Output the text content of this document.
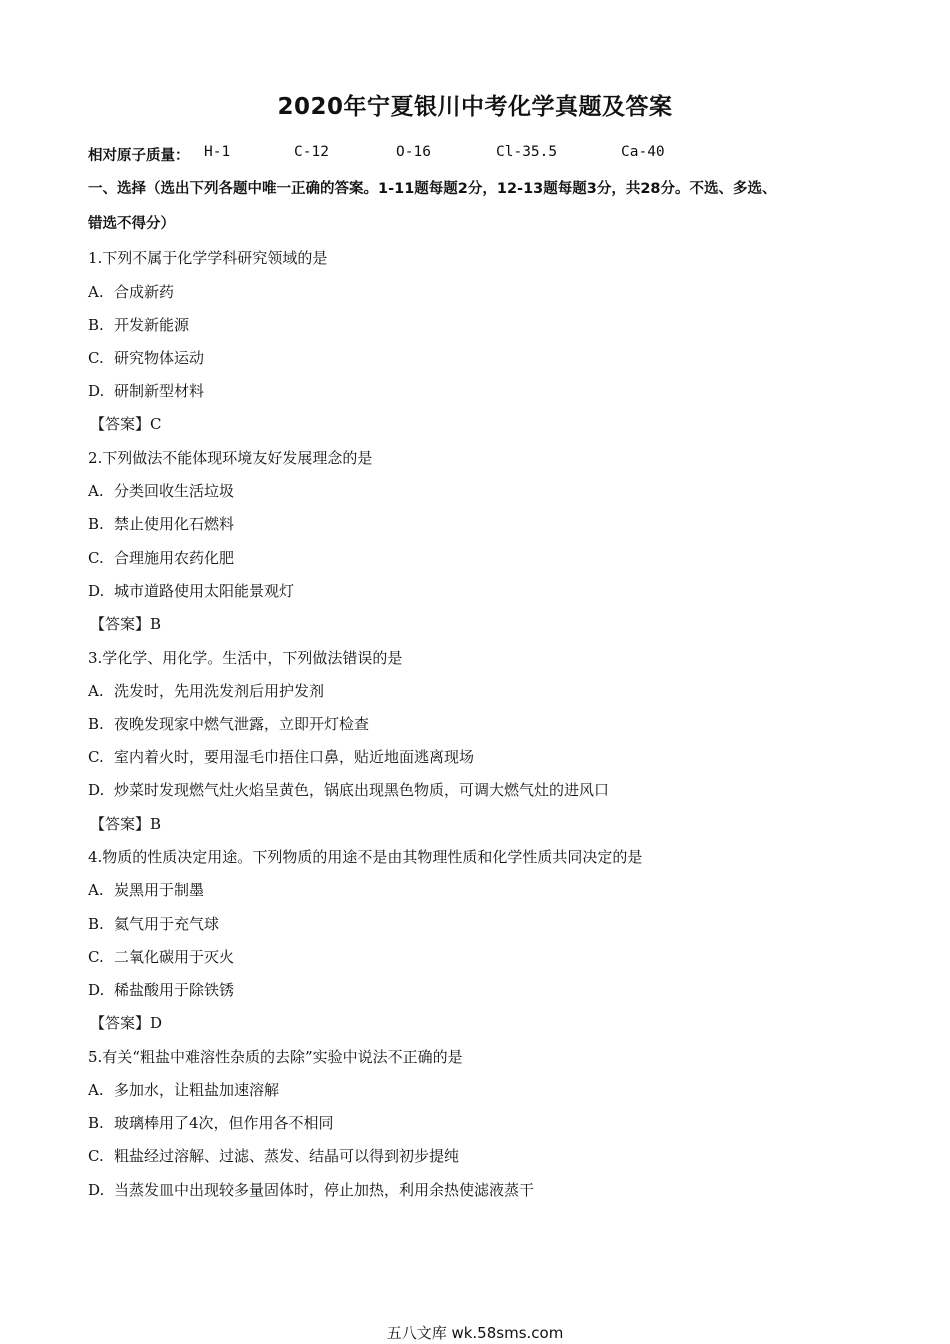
2020年宁夏银川中考化学真题及答案
相对原子质量： H-1	C-12	O-16	Cl-35.5	Ca-40
一、选择（选出下列各题中唯一正确的答案。1-11题每题2分，12-13题每题3分，共28分。不选、多选、
错选不得分）
1.下列不属于化学学科研究领域的是
A. 合成新药
B. 开发新能源
C. 研究物体运动
D. 研制新型材料
【答案】C
2.下列做法不能体现环境友好发展理念的是
A. 分类回收生活垃圾
B. 禁止使用化石燃料
C. 合理施用农药化肥
D. 城市道路使用太阳能景观灯
【答案】B
3.学化学、用化学。生活中，下列做法错误的是
A. 洗发时，先用洗发剂后用护发剂
B. 夜晚发现家中燃气泄露，立即开灯检查
C. 室内着火时，要用湿毛巾捂住口鼻，贴近地面逃离现场
D. 炒菜时发现燃气灶火焰呈黄色，锅底出现黑色物质，可调大燃气灶的进风口
【答案】B
4.物质的性质决定用途。下列物质的用途不是由其物理性质和化学性质共同决定的是
A. 炭黑用于制墨
B. 氦气用于充气球
C. 二氧化碳用于灭火
D. 稀盐酸用于除铁锈
【答案】D
5.有关“粗盐中难溶性杂质的去除”实验中说法不正确的是
A. 多加水，让粗盐加速溶解
B. 玻璃棒用了4次，但作用各不相同
C. 粗盐经过溶解、过滤、蒸发、结晶可以得到初步提纯
D. 当蒸发皿中出现较多量固体时，停止加热，利用余热使滤液蒸干
五八文库 wk.58sms.com
